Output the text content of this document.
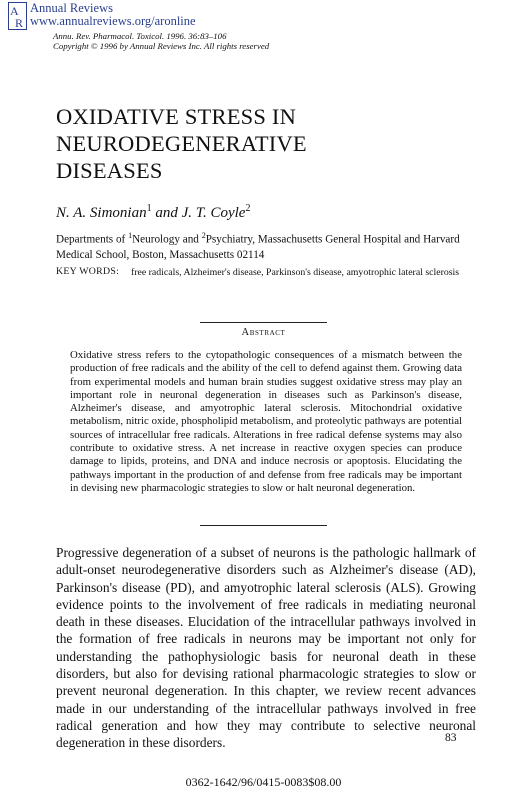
A
R
Annual Reviews
www.annualreviews.org/aronline
Annu. Rev. Pharmacol. Toxicol. 1996. 36:83–106
Copyright © 1996 by Annual Reviews Inc. All rights reserved
OXIDATIVE STRESS IN
NEURODEGENERATIVE
DISEASES
N. A. Simonian$^1$ and J. T. Coyle$^2$
Departments of $^1$Neurology and $^2$Psychiatry, Massachusetts General Hospital and Harvard Medical School, Boston, Massachusetts 02114
KEY WORDS: free radicals, Alzheimer's disease, Parkinson's disease, amyotrophic lateral sclerosis
Abstract
Oxidative stress refers to the cytopathologic consequences of a mismatch between the production of free radicals and the ability of the cell to defend against them. Growing data from experimental models and human brain studies suggest oxidative stress may play an important role in neuronal degeneration in diseases such as Parkinson's disease, Alzheimer's disease, and amyotrophic lateral sclerosis. Mitochondrial oxidative metabolism, nitric oxide, phospholipid metabolism, and proteolytic pathways are potential sources of intracellular free radicals. Alterations in free radical defense systems may also contribute to oxidative stress. A net increase in reactive oxygen species can produce damage to lipids, proteins, and DNA and induce necrosis or apoptosis. Elucidating the pathways important in the production of and defense from free radicals may be important in devising new pharmacologic strategies to slow or halt neuronal degeneration.
Progressive degeneration of a subset of neurons is the pathologic hallmark of adult-onset neurodegenerative disorders such as Alzheimer's disease (AD), Parkinson's disease (PD), and amyotrophic lateral sclerosis (ALS). Growing evidence points to the involvement of free radicals in mediating neuronal death in these diseases. Elucidation of the intracellular pathways involved in the formation of free radicals in neurons may be important not only for understanding the pathophysiologic basis for neuronal death in these disorders, but also for devising rational pharmacologic strategies to slow or prevent neuronal degeneration. In this chapter, we review recent advances made in our understanding of the intracellular pathways involved in free radical generation and how they may contribute to selective neuronal degeneration in these disorders.	83
0362-1642/96/0415-0083$08.00
